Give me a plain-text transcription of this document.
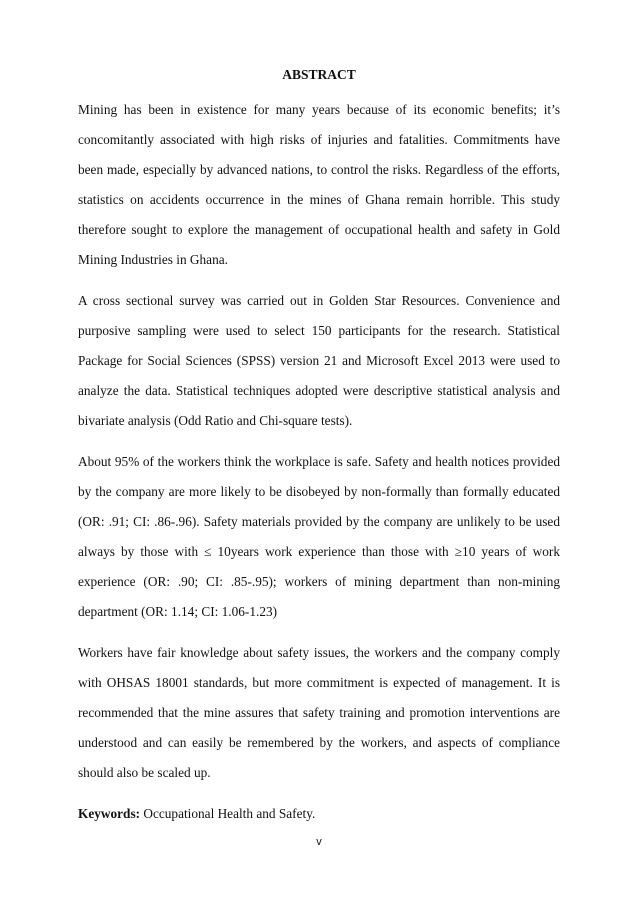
ABSTRACT

Mining has been in existence for many years because of its economic benefits; it’s concomitantly associated with high risks of injuries and fatalities. Commitments have been made, especially by advanced nations, to control the risks. Regardless of the efforts, statistics on accidents occurrence in the mines of Ghana remain horrible. This study therefore sought to explore the management of occupational health and safety in Gold Mining Industries in Ghana.

A cross sectional survey was carried out in Golden Star Resources. Convenience and purposive sampling were used to select 150 participants for the research. Statistical Package for Social Sciences (SPSS) version 21 and Microsoft Excel 2013 were used to analyze the data. Statistical techniques adopted were descriptive statistical analysis and bivariate analysis (Odd Ratio and Chi-square tests).

About 95% of the workers think the workplace is safe. Safety and health notices provided by the company are more likely to be disobeyed by non-formally than formally educated (OR: .91; CI: .86-.96). Safety materials provided by the company are unlikely to be used always by those with ≤ 10years work experience than those with ≥10 years of work experience (OR: .90; CI: .85-.95); workers of mining department than non-mining department (OR: 1.14; CI: 1.06-1.23)

Workers have fair knowledge about safety issues, the workers and the company comply with OHSAS 18001 standards, but more commitment is expected of management. It is recommended that the mine assures that safety training and promotion interventions are understood and can easily be remembered by the workers, and aspects of compliance should also be scaled up.

Keywords: Occupational Health and Safety.

v
